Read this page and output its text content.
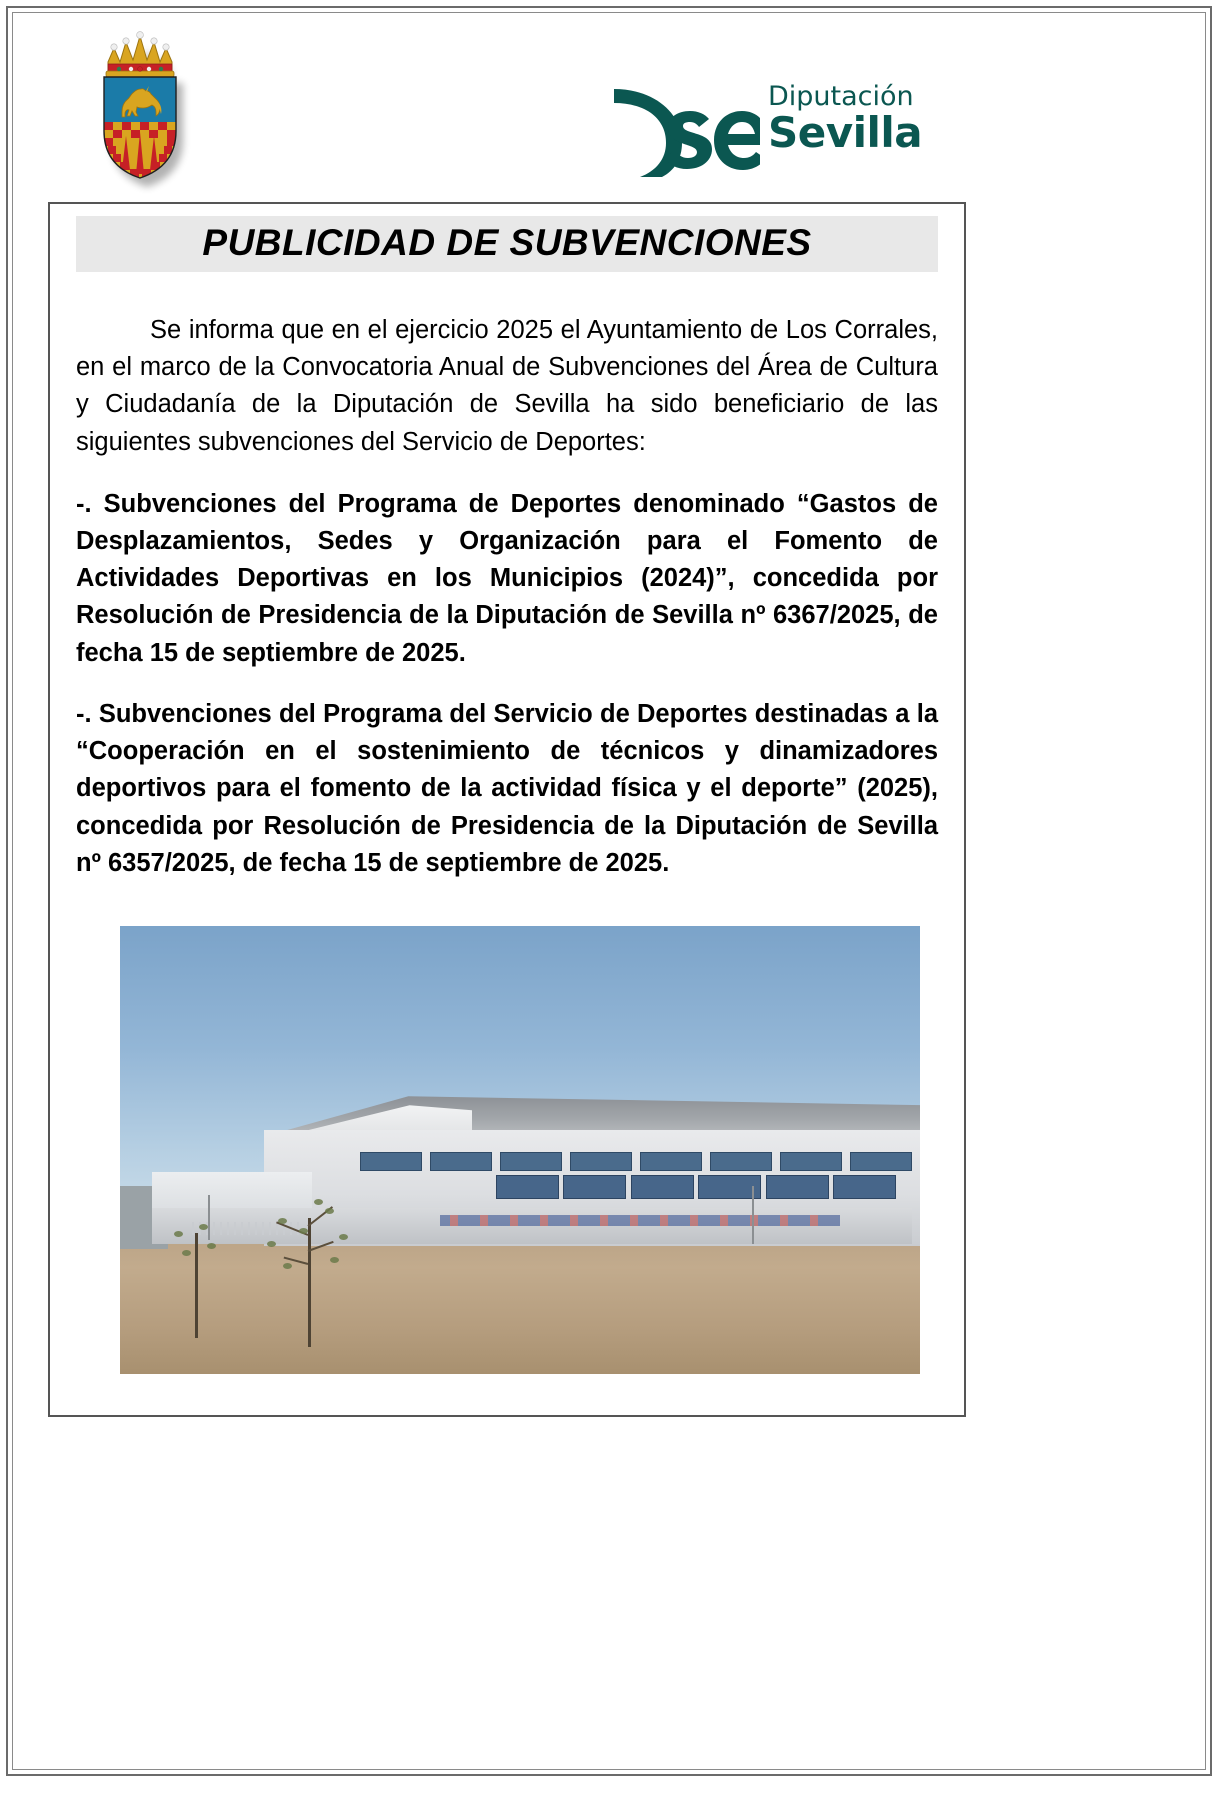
Diputación
Sevilla
PUBLICIDAD DE SUBVENCIONES

Se informa que en el ejercicio 2025 el Ayuntamiento de Los Corrales, en el marco de la Convocatoria Anual de Subvenciones del Área de Cultura y Ciudadanía de la Diputación de Sevilla ha sido beneficiario de las siguientes subvenciones del Servicio de Deportes:

-. Subvenciones del Programa de Deportes denominado “Gastos de Desplazamientos, Sedes y Organización para el Fomento de Actividades Deportivas en los Municipios (2024)”, concedida por Resolución de Presidencia de la Diputación de Sevilla nº 6367/2025, de fecha 15 de septiembre de 2025.

-. Subvenciones del Programa del Servicio de Deportes destinadas a la “Cooperación en el sostenimiento de técnicos y dinamizadores deportivos para el fomento de la actividad física y el deporte” (2025), concedida por Resolución de Presidencia de la Diputación de Sevilla nº 6357/2025, de fecha 15 de septiembre de 2025.
